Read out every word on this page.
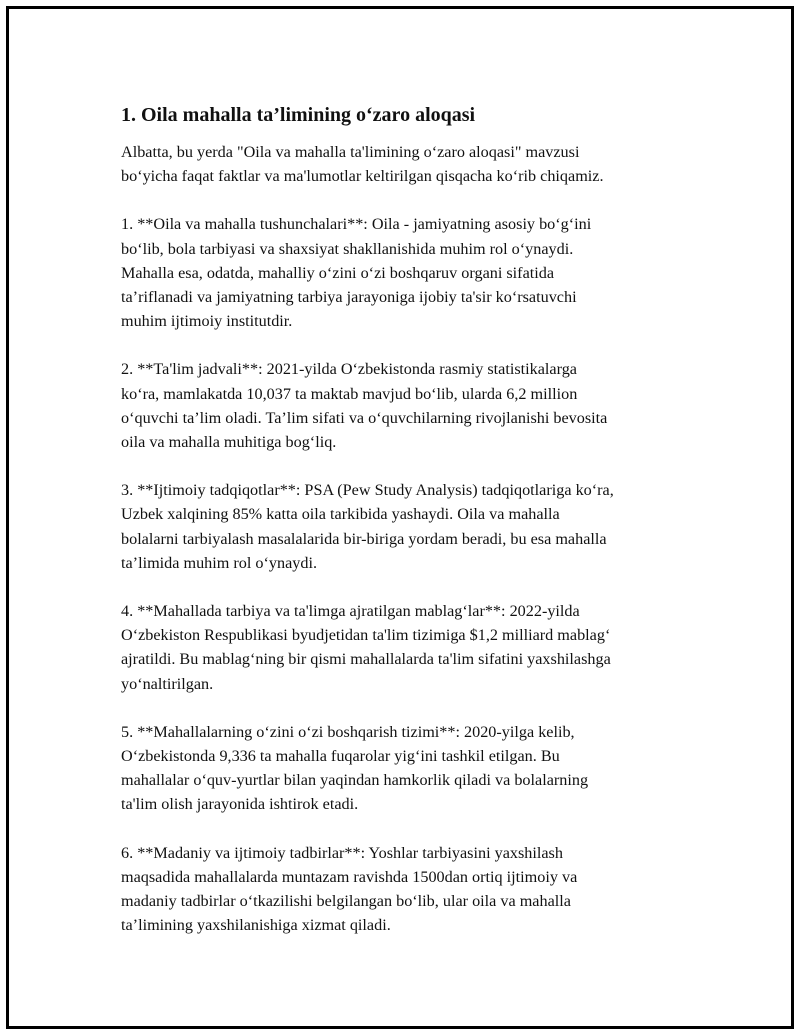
1. Oila mahalla ta’limining o‘zaro aloqasi

Albatta, bu yerda "Oila va mahalla ta'limining o‘zaro aloqasi" mavzusi
bo‘yicha faqat faktlar va ma'lumotlar keltirilgan qisqacha ko‘rib chiqamiz.

1. **Oila va mahalla tushunchalari**: Oila - jamiyatning asosiy bo‘g‘ini
bo‘lib, bola tarbiyasi va shaxsiyat shakllanishida muhim rol o‘ynaydi.
Mahalla esa, odatda, mahalliy o‘zini o‘zi boshqaruv organi sifatida
ta’riflanadi va jamiyatning tarbiya jarayoniga ijobiy ta'sir ko‘rsatuvchi
muhim ijtimoiy institutdir.

2. **Ta'lim jadvali**: 2021-yilda O‘zbekistonda rasmiy statistikalarga
ko‘ra, mamlakatda 10,037 ta maktab mavjud bo‘lib, ularda 6,2 million
o‘quvchi ta’lim oladi. Ta’lim sifati va o‘quvchilarning rivojlanishi bevosita
oila va mahalla muhitiga bog‘liq.

3. **Ijtimoiy tadqiqotlar**: PSA (Pew Study Analysis) tadqiqotlariga ko‘ra,
Uzbek xalqining 85% katta oila tarkibida yashaydi. Oila va mahalla
bolalarni tarbiyalash masalalarida bir-biriga yordam beradi, bu esa mahalla
ta’limida muhim rol o‘ynaydi.

4. **Mahallada tarbiya va ta'limga ajratilgan mablag‘lar**: 2022-yilda
O‘zbekiston Respublikasi byudjetidan ta'lim tizimiga $1,2 milliard mablag‘
ajratildi. Bu mablag‘ning bir qismi mahallalarda ta'lim sifatini yaxshilashga
yo‘naltirilgan.

5. **Mahallalarning o‘zini o‘zi boshqarish tizimi**: 2020-yilga kelib,
O‘zbekistonda 9,336 ta mahalla fuqarolar yig‘ini tashkil etilgan. Bu
mahallalar o‘quv-yurtlar bilan yaqindan hamkorlik qiladi va bolalarning
ta'lim olish jarayonida ishtirok etadi.

6. **Madaniy va ijtimoiy tadbirlar**: Yoshlar tarbiyasini yaxshilash
maqsadida mahallalarda muntazam ravishda 1500dan ortiq ijtimoiy va
madaniy tadbirlar o‘tkazilishi belgilangan bo‘lib, ular oila va mahalla
ta’limining yaxshilanishiga xizmat qiladi.
